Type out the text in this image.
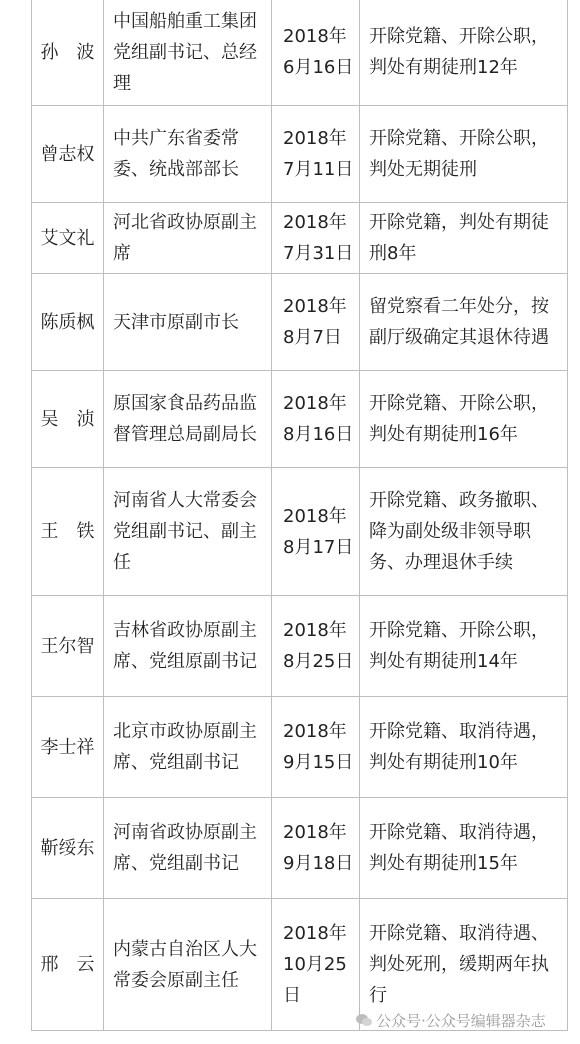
孙　波	中国船舶重工集团党组副书记、总经理	2018年6月16日	开除党籍、开除公职，判处有期徒刑12年
曾志权	中共广东省委常委、统战部部长	2018年7月11日	开除党籍、开除公职，判处无期徒刑
艾文礼	河北省政协原副主席	2018年7月31日	开除党籍，判处有期徒刑8年
陈质枫	天津市原副市长	2018年8月7日	留党察看二年处分，按副厅级确定其退休待遇
吴　浈	原国家食品药品监督管理总局副局长	2018年8月16日	开除党籍、开除公职，判处有期徒刑16年
王　铁	河南省人大常委会党组副书记、副主任	2018年8月17日	开除党籍、政务撤职、降为副处级非领导职务、办理退休手续
王尔智	吉林省政协原副主席、党组原副书记	2018年8月25日	开除党籍、开除公职，判处有期徒刑14年
李士祥	北京市政协原副主席、党组副书记	2018年9月15日	开除党籍、取消待遇，判处有期徒刑10年
靳绥东	河南省政协原副主席、党组副书记	2018年9月18日	开除党籍、取消待遇，判处有期徒刑15年
邢　云	内蒙古自治区人大常委会原副主任	2018年10月25日	开除党籍、取消待遇、判处死刑，缓期两年执行
公众号·公众号编辑器杂志
